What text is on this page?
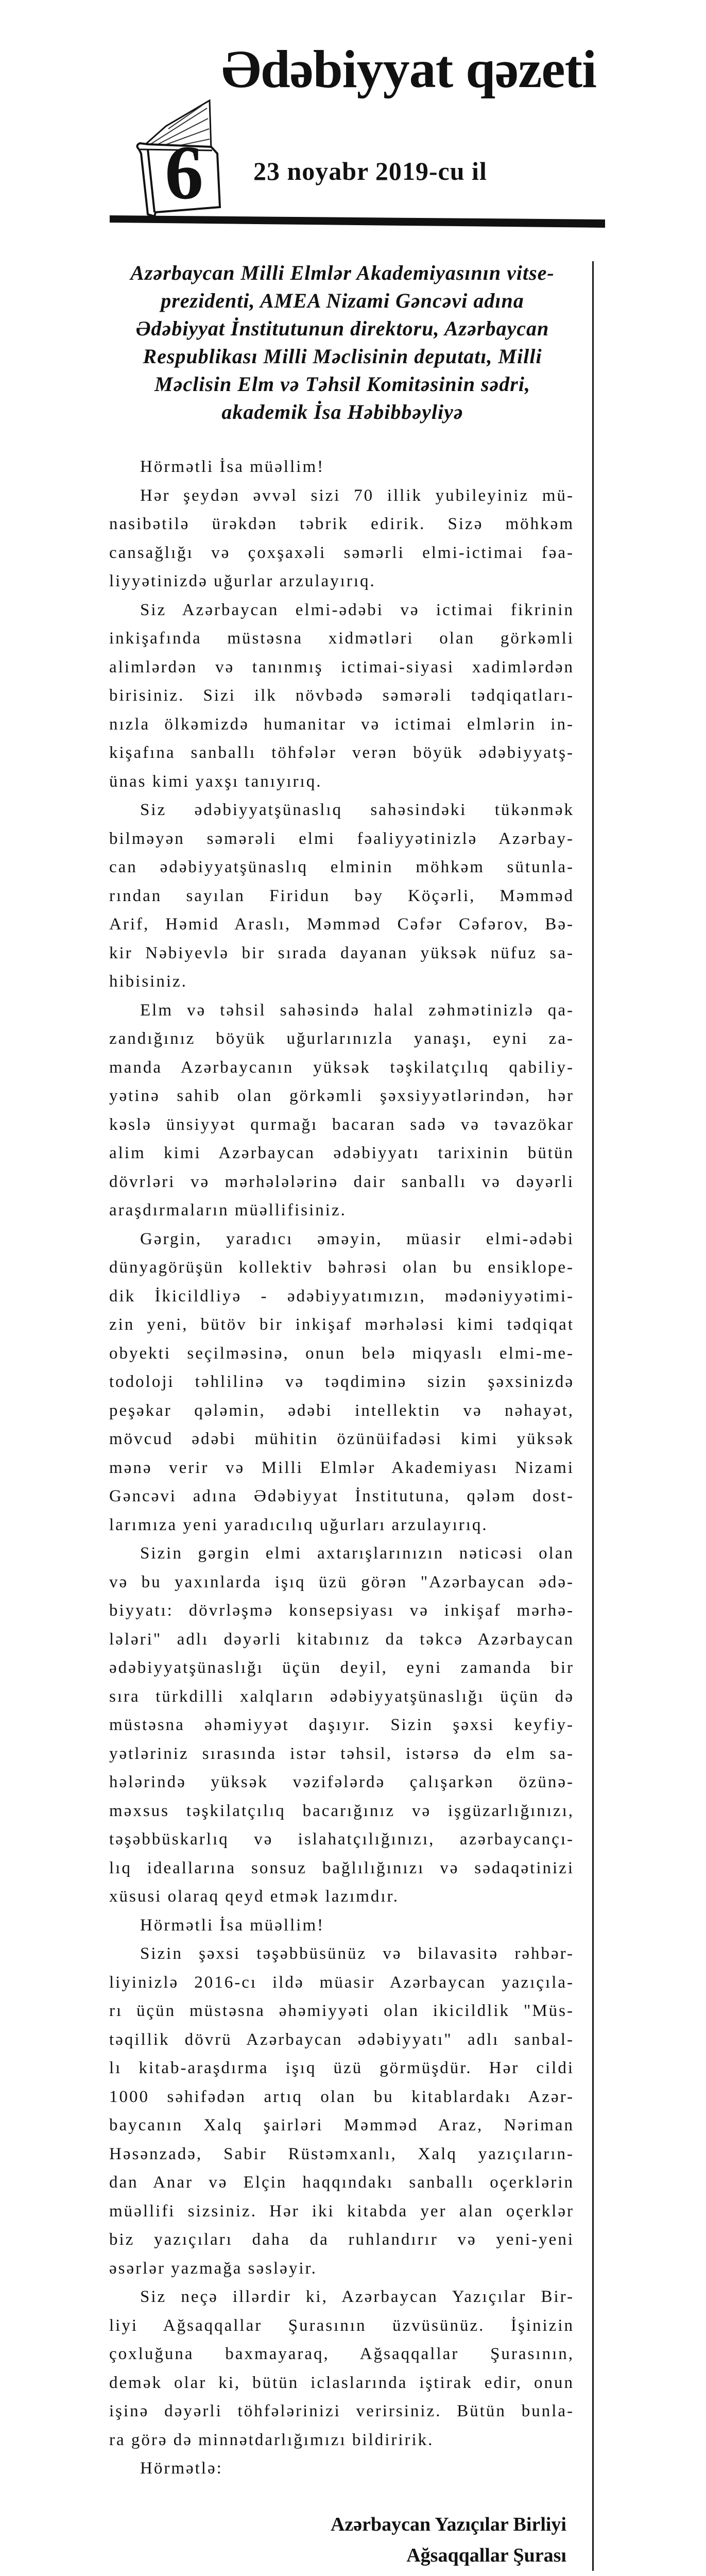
Ədəbiyyat qəzeti
6 23 noyabr 2019-cu il
Azərbaycan Milli Elmlər Akademiyasının vitse-
prezidenti, AMEA Nizami Gəncəvi adına
Ədəbiyyat İnstitutunun direktoru, Azərbaycan
Respublikası Milli Məclisinin deputatı, Milli
Məclisin Elm və Təhsil Komitəsinin sədri,
akademik İsa Həbibbəyliyə
Hörmətli İsa müəllim!
Hər şeydən əvvəl sizi 70 illik yubileyiniz mü-
nasibətilə ürəkdən təbrik edirik. Sizə möhkəm
cansağlığı və çoxşaxəli səmərli elmi-ictimai fəa-
liyyətinizdə uğurlar arzulayırıq.
Siz Azərbaycan elmi-ədəbi və ictimai fikrinin
inkişafında müstəsna xidmətləri olan görkəmli
alimlərdən və tanınmış ictimai-siyasi xadimlərdən
birisiniz. Sizi ilk növbədə səmərəli tədqiqatları-
nızla ölkəmizdə humanitar və ictimai elmlərin in-
kişafına sanballı töhfələr verən böyük ədəbiyyatş-
ünas kimi yaxşı tanıyırıq.
Siz ədəbiyyatşünaslıq sahəsindəki tükənmək
bilməyən səmərəli elmi fəaliyyətinizlə Azərbay-
can ədəbiyyatşünaslıq elminin möhkəm sütunla-
rından sayılan Firidun bəy Köçərli, Məmməd
Arif, Həmid Araslı, Məmməd Cəfər Cəfərov, Bə-
kir Nəbiyevlə bir sırada dayanan yüksək nüfuz sa-
hibisiniz.
Elm və təhsil sahəsində halal zəhmətinizlə qa-
zandığınız böyük uğurlarınızla yanaşı, eyni za-
manda Azərbaycanın yüksək təşkilatçılıq qabiliy-
yətinə sahib olan görkəmli şəxsiyyətlərindən, hər
kəslə ünsiyyət qurmağı bacaran sadə və təvazökar
alim kimi Azərbaycan ədəbiyyatı tarixinin bütün
dövrləri və mərhələlərinə dair sanballı və dəyərli
araşdırmaların müəllifisiniz.
Gərgin, yaradıcı əməyin, müasir elmi-ədəbi
dünyagörüşün kollektiv bəhrəsi olan bu ensiklope-
dik İkicildliyə - ədəbiyyatımızın, mədəniyyətimi-
zin yeni, bütöv bir inkişaf mərhələsi kimi tədqiqat
obyekti seçilməsinə, onun belə miqyaslı elmi-me-
todoloji təhlilinə və təqdiminə sizin şəxsinizdə
peşəkar qələmin, ədəbi intellektin və nəhayət,
mövcud ədəbi mühitin özünüifadəsi kimi yüksək
mənə verir və Milli Elmlər Akademiyası Nizami
Gəncəvi adına Ədəbiyyat İnstitutuna, qələm dost-
larımıza yeni yaradıcılıq uğurları arzulayırıq.
Sizin gərgin elmi axtarışlarınızın nəticəsi olan
və bu yaxınlarda işıq üzü görən "Azərbaycan ədə-
biyyatı: dövrləşmə konsepsiyası və inkişaf mərhə-
lələri" adlı dəyərli kitabınız da təkcə Azərbaycan
ədəbiyyatşünaslığı üçün deyil, eyni zamanda bir
sıra türkdilli xalqların ədəbiyyatşünaslığı üçün də
müstəsna əhəmiyyət daşıyır. Sizin şəxsi keyfiy-
yətləriniz sırasında istər təhsil, istərsə də elm sa-
hələrində yüksək vəzifələrdə çalışarkən özünə-
məxsus təşkilatçılıq bacarığınız və işgüzarlığınızı,
təşəbbüskarlıq və islahatçılığınızı, azərbaycançı-
lıq ideallarına sonsuz bağlılığınızı və sədaqətinizi
xüsusi olaraq qeyd etmək lazımdır.
Hörmətli İsa müəllim!
Sizin şəxsi təşəbbüsünüz və bilavasitə rəhbər-
liyinizlə 2016-cı ildə müasir Azərbaycan yazıçıla-
rı üçün müstəsna əhəmiyyəti olan ikicildlik "Müs-
təqillik dövrü Azərbaycan ədəbiyyatı" adlı sanbal-
lı kitab-araşdırma işıq üzü görmüşdür. Hər cildi
1000 səhifədən artıq olan bu kitablardakı Azər-
baycanın Xalq şairləri Məmməd Araz, Nəriman
Həsənzadə, Sabir Rüstəmxanlı, Xalq yazıçıların-
dan Anar və Elçin haqqındakı sanballı oçerklərin
müəllifi sizsiniz. Hər iki kitabda yer alan oçerklər
biz yazıçıları daha da ruhlandırır və yeni-yeni
əsərlər yazmağa səsləyir.
Siz neçə illərdir ki, Azərbaycan Yazıçılar Bir-
liyi Ağsaqqallar Şurasının üzvüsünüz. İşinizin
çoxluğuna baxmayaraq, Ağsaqqallar Şurasının,
demək olar ki, bütün iclaslarında iştirak edir, onun
işinə dəyərli töhfələrinizi verirsiniz. Bütün bunla-
ra görə də minnətdarlığımızı bildiririk.
Hörmətlə:
Azərbaycan Yazıçılar Birliyi
Ağsaqqallar Şurası
